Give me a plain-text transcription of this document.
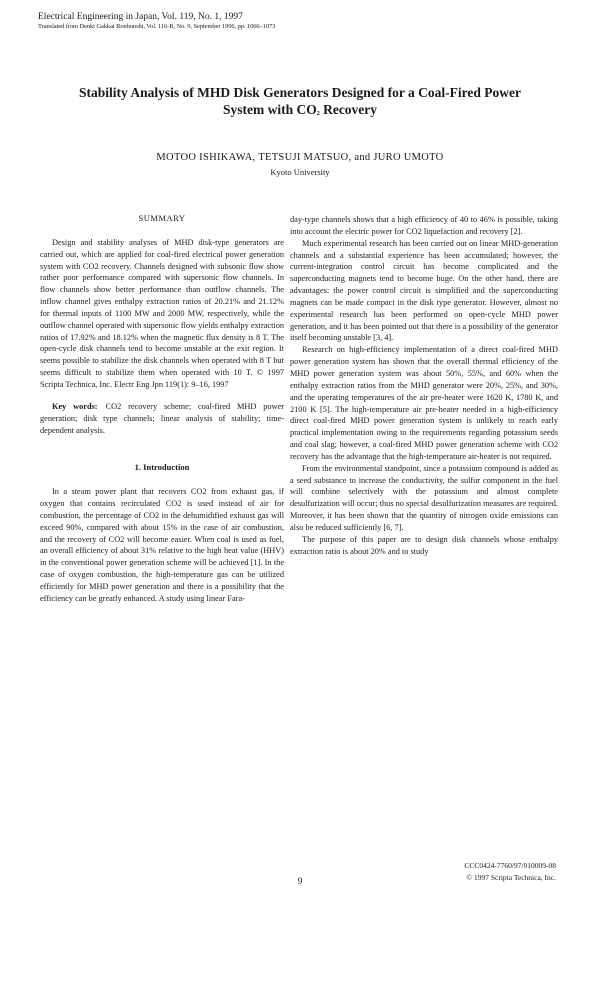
Electrical Engineering in Japan, Vol. 119, No. 1, 1997
Translated from Denki Gakkai Ronbunshi, Vol. 116-B, No. 9, September 1996, pp. 1066–1073
Stability Analysis of MHD Disk Generators Designed for a Coal-Fired Power
System with CO2 Recovery
MOTOO ISHIKAWA, TETSUJI MATSUO, and JURO UMOTO
Kyoto University
SUMMARY

Design and stability analyses of MHD disk-type generators are carried out, which are applied for coal-fired electrical power generation system with CO2 recovery. Channels designed with subsonic flow show rather poor performance compared with supersonic flow channels. In flow channels show better performance than outflow channels. The inflow channel gives enthalpy extraction ratios of 20.21% and 21.12% for thermal inputs of 1100 MW and 2000 MW, respectively, while the outflow channel operated with supersonic flow yields enthalpy extraction ratios of 17.92% and 18.12% when the magnetic flux density is 8 T. The open-cycle disk channels tend to become unstable at the exit region. It seems possible to stabilize the disk channels when operated with 8 T but seems difficult to stabilize them when operated with 10 T. © 1997 Scripta Technica, Inc. Electr Eng Jpn 119(1): 9–16, 1997

Key words: CO2 recovery scheme; coal-fired MHD power generation; disk type channels; linear analysis of stability; time-dependent analysis.

1. Introduction

In a steam power plant that recovers CO2 from exhaust gas, if oxygen that contains recirculated CO2 is used instead of air for combustion, the percentage of CO2 in the dehumidified exhaust gas will exceed 90%, compared with about 15% in the case of air combustion, and the recovery of CO2 will become easier. When coal is used as fuel, an overall efficiency of about 31% relative to the high heat value (HHV) in the conventional power generation scheme will be achieved [1]. In the case of oxygen combustion, the high-temperature gas can be utilized efficiently for MHD power generation and there is a possibility that the efficiency can be greatly enhanced. A study using linear Fara-

day-type channels shows that a high efficiency of 40 to 46% is possible, taking into account the electric power for CO2 liquefaction and recovery [2].

Much experimental research has been carried out on linear MHD-generation channels and a substantial experience has been accumulated; however, the current-integration control circuit has become complicated and the superconducting magnets tend to become huge. On the other hand, there are advantages: the power control circuit is simplified and the superconducting magnets can be made compact in the disk type generator. However, almost no experimental research has been performed on open-cycle MHD power generation, and it has been pointed out that there is a possibility of the generator itself becoming unstable [3, 4].

Research on high-efficiency implementation of a direct coal-fired MHD power generation system has shown that the overall thermal efficiency of the MHD power generation system was about 50%, 55%, and 60% when the enthalpy extraction ratios from the MHD generator were 20%, 25%, and 30%, and the operating temperatures of the air pre-heater were 1620 K, 1780 K, and 2100 K [5]. The high-temperature air pre-heater needed in a high-efficiency direct coal-fired MHD power generation system is unlikely to reach early practical implementation owing to the requirements regarding potassium seeds and coal slag; however, a coal-fired MHD power generation scheme with CO2 recovery has the advantage that the high-temperature air-heater is not required.

From the environmental standpoint, since a potassium compound is added as a seed substance to increase the conductivity, the sulfur component in the fuel will combine selectively with the potassium and almost complete desulfurization will occur; thus no special desulfurization measures are required. Moreover, it has been shown that the quantity of nitrogen oxide emissions can also be reduced sufficiently [6, 7].

The purpose of this paper are to design disk channels whose enthalpy extraction ratio is about 20% and to study

CCC0424-7760/97/010009-08
© 1997 Scripta Technica, Inc.
9
